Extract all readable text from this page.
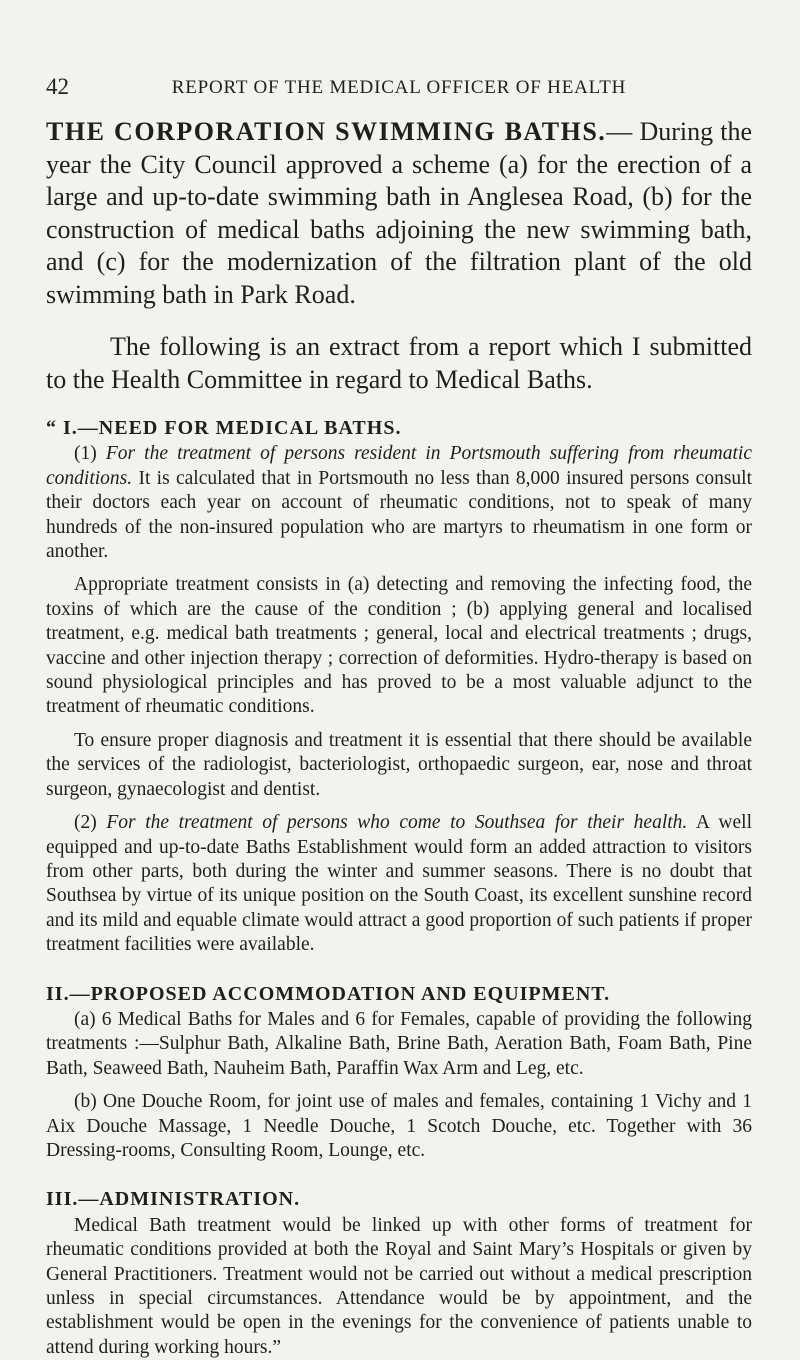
42	REPORT OF THE MEDICAL OFFICER OF HEALTH

THE CORPORATION SWIMMING BATHS.— During the year the City Council approved a scheme (a) for the erection of a large and up-to-date swimming bath in Anglesea Road, (b) for the construction of medical baths adjoining the new swimming bath, and (c) for the modernization of the filtration plant of the old swimming bath in Park Road.

The following is an extract from a report which I submitted to the Health Committee in regard to Medical Baths.

“ I.—NEED FOR MEDICAL BATHS.

(1) For the treatment of persons resident in Portsmouth suffering from rheumatic conditions. It is calculated that in Portsmouth no less than 8,000 insured persons consult their doctors each year on account of rheumatic conditions, not to speak of many hundreds of the non-insured population who are martyrs to rheumatism in one form or another.

Appropriate treatment consists in (a) detecting and removing the infecting food, the toxins of which are the cause of the condition ; (b) applying general and localised treatment, e.g. medical bath treatments ; general, local and electrical treatments ; drugs, vaccine and other injection therapy ; correction of deformities. Hydro-therapy is based on sound physiological principles and has proved to be a most valuable adjunct to the treatment of rheumatic conditions.

To ensure proper diagnosis and treatment it is essential that there should be available the services of the radiologist, bacteriologist, orthopaedic surgeon, ear, nose and throat surgeon, gynaecologist and dentist.

(2) For the treatment of persons who come to Southsea for their health. A well equipped and up-to-date Baths Establishment would form an added attraction to visitors from other parts, both during the winter and summer seasons. There is no doubt that Southsea by virtue of its unique position on the South Coast, its excellent sunshine record and its mild and equable climate would attract a good proportion of such patients if proper treatment facilities were available.

II.—PROPOSED ACCOMMODATION AND EQUIPMENT.

(a) 6 Medical Baths for Males and 6 for Females, capable of providing the following treatments :—Sulphur Bath, Alkaline Bath, Brine Bath, Aeration Bath, Foam Bath, Pine Bath, Seaweed Bath, Nauheim Bath, Paraffin Wax Arm and Leg, etc.

(b) One Douche Room, for joint use of males and females, containing 1 Vichy and 1 Aix Douche Massage, 1 Needle Douche, 1 Scotch Douche, etc. Together with 36 Dressing-rooms, Consulting Room, Lounge, etc.

III.—ADMINISTRATION.

Medical Bath treatment would be linked up with other forms of treatment for rheumatic conditions provided at both the Royal and Saint Mary’s Hospitals or given by General Practitioners. Treatment would not be carried out without a medical prescription unless in special circumstances. Attendance would be by appointment, and the establishment would be open in the evenings for the convenience of patients unable to attend during working hours.”
